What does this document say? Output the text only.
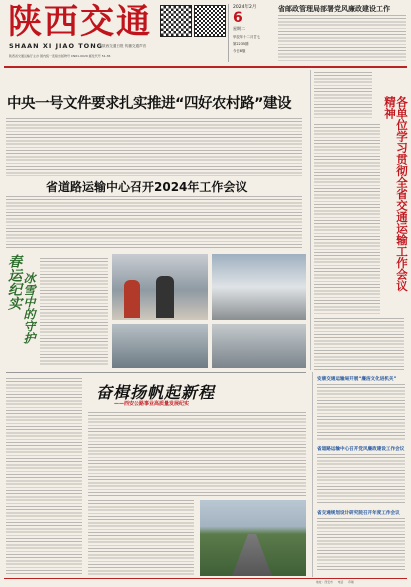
陕西交通
SHAAN XI JIAO TONG 陕西交通日报 传播交通声音
陕西省交通运输厅主办 国内统一连续出版物号 CN61-0029 邮发代号 51-36
2024年2月
6
星期二
甲辰年十二月廿七
第2235期
今日8版
省邮政管理局部署党风廉政建设工作
中央一号文件要求扎实推进“四好农村路”建设
省道路运输中心召开2024年工作会议	各单位学习贯彻全省交通运输工作会议精神
春运纪实 冰雪中的守护
安康交通运输局开展“廉洁文化进机关”
省道路运输中心召开党风廉政建设工作会议
省交通规划设计研究院召开年度工作会议
奋楫扬帆起新程
——西安公路事业高质量发展纪实
地址：西安市 电话 印刷
